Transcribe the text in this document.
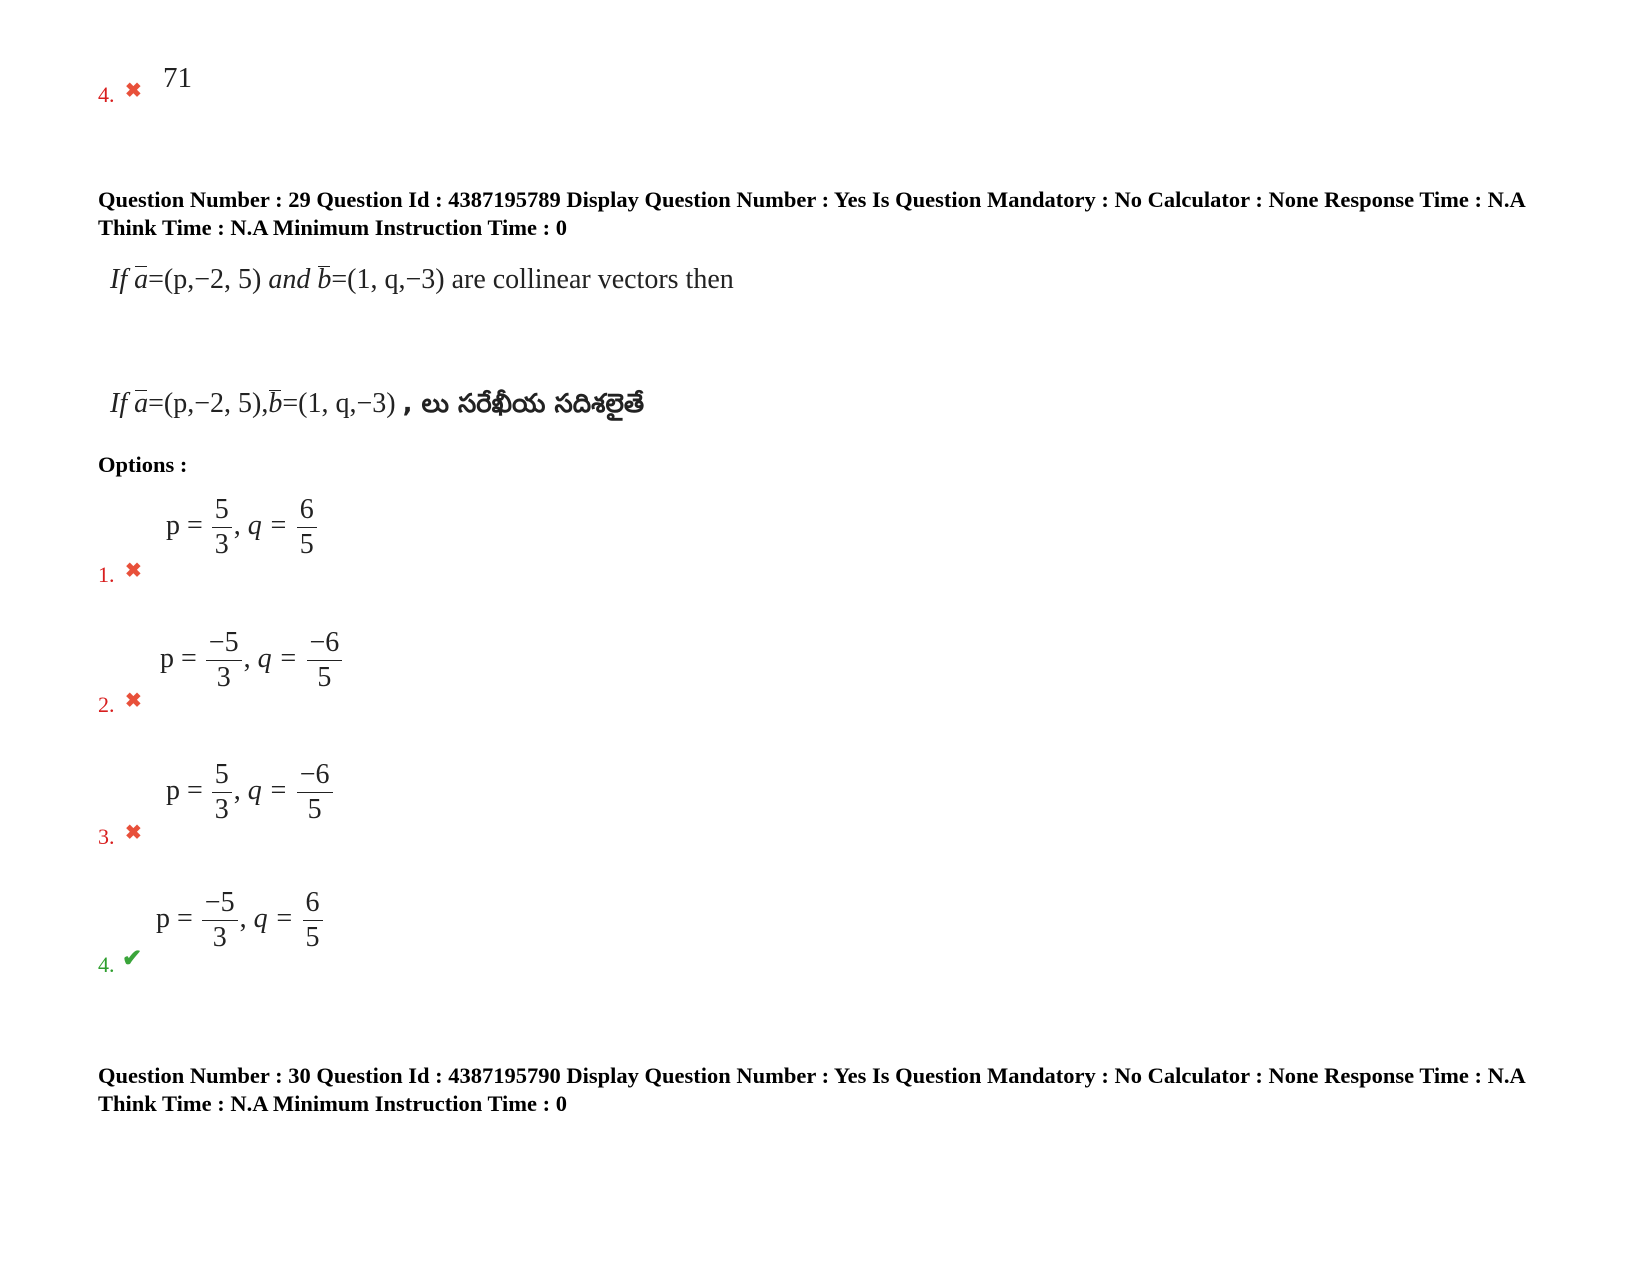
4. ✖ 71
Question Number : 29 Question Id : 4387195789 Display Question Number : Yes Is Question Mandatory : No Calculator : None Response Time : N.A Think Time : N.A Minimum Instruction Time : 0
If a=(p,−2, 5) and b=(1, q,−3) are collinear vectors then
If a=(p,−2, 5),b=(1, q,−3) , లు సరేఖీయ సదిశలైతే
Options :
1. ✖
$p = \frac{5}{3}$ , $q = \frac{6}{5}$
2. ✖
$p = \frac{-5}{3}$ , $q = \frac{-6}{5}$
3. ✖
$p = \frac{5}{3}$ , $q = \frac{-6}{5}$
4. ✔
$p = \frac{-5}{3}$ , $q = \frac{6}{5}$
Question Number : 30 Question Id : 4387195790 Display Question Number : Yes Is Question Mandatory : No Calculator : None Response Time : N.A Think Time : N.A Minimum Instruction Time : 0
